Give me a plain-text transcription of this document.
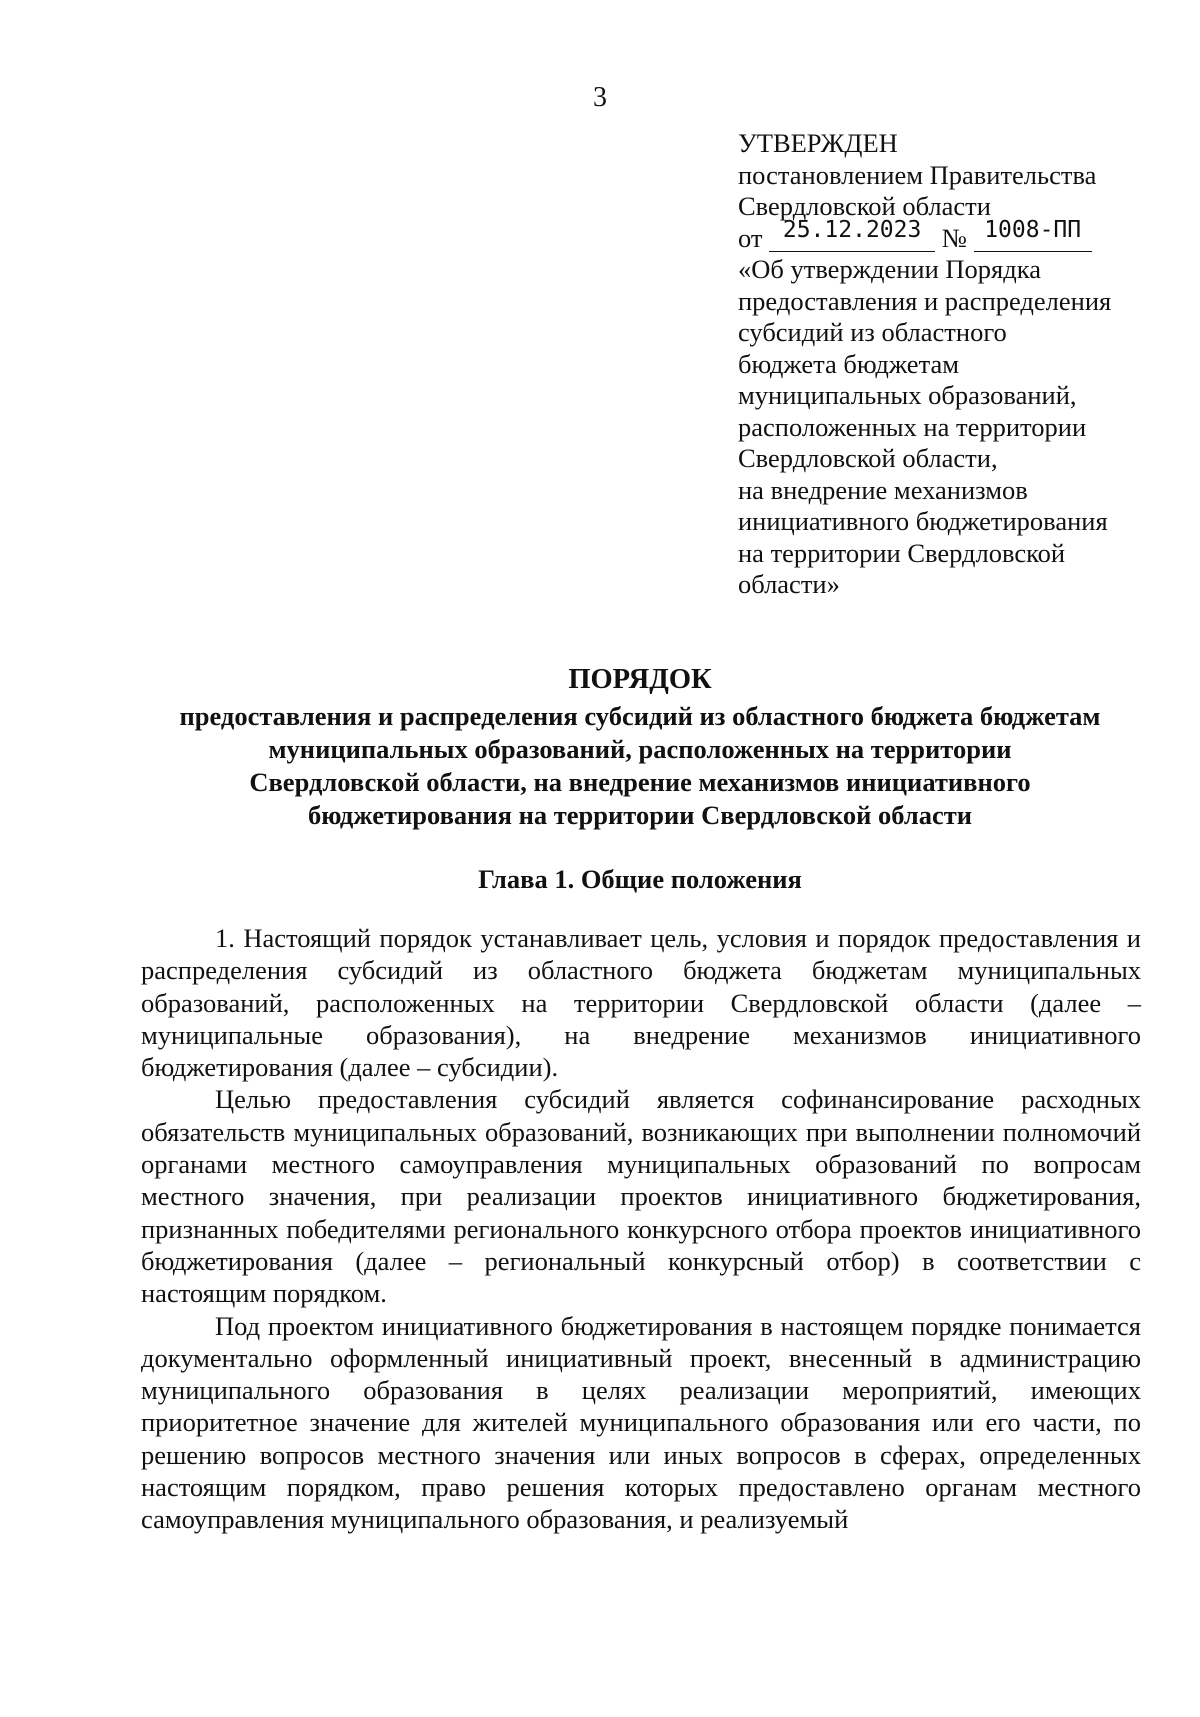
3
УТВЕРЖДЕН
постановлением Правительства
Свердловской области
от 25.12.2023 № 1008-ПП
«Об утверждении Порядка
предоставления и распределения
субсидий из областного
бюджета бюджетам
муниципальных образований,
расположенных на территории
Свердловской области,
на внедрение механизмов
инициативного бюджетирования
на территории Свердловской
области»
ПОРЯДОК
предоставления и распределения субсидий из областного бюджета бюджетам
муниципальных образований, расположенных на территории
Свердловской области, на внедрение механизмов инициативного
бюджетирования на территории Свердловской области
Глава 1. Общие положения

1. Настоящий порядок устанавливает цель, условия и порядок предоставления и распределения субсидий из областного бюджета бюджетам муниципальных образований, расположенных на территории Свердловской области (далее – муниципальные образования), на внедрение механизмов инициативного бюджетирования (далее – субсидии).

Целью предоставления субсидий является софинансирование расходных обязательств муниципальных образований, возникающих при выполнении полномочий органами местного самоуправления муниципальных образований по вопросам местного значения, при реализации проектов инициативного бюджетирования, признанных победителями регионального конкурсного отбора проектов инициативного бюджетирования (далее – региональный конкурсный отбор) в соответствии с настоящим порядком.

Под проектом инициативного бюджетирования в настоящем порядке понимается документально оформленный инициативный проект, внесенный в администрацию муниципального образования в целях реализации мероприятий, имеющих приоритетное значение для жителей муниципального образования или его части, по решению вопросов местного значения или иных вопросов в сферах, определенных настоящим порядком, право решения которых предоставлено органам местного самоуправления муниципального образования, и реализуемый
